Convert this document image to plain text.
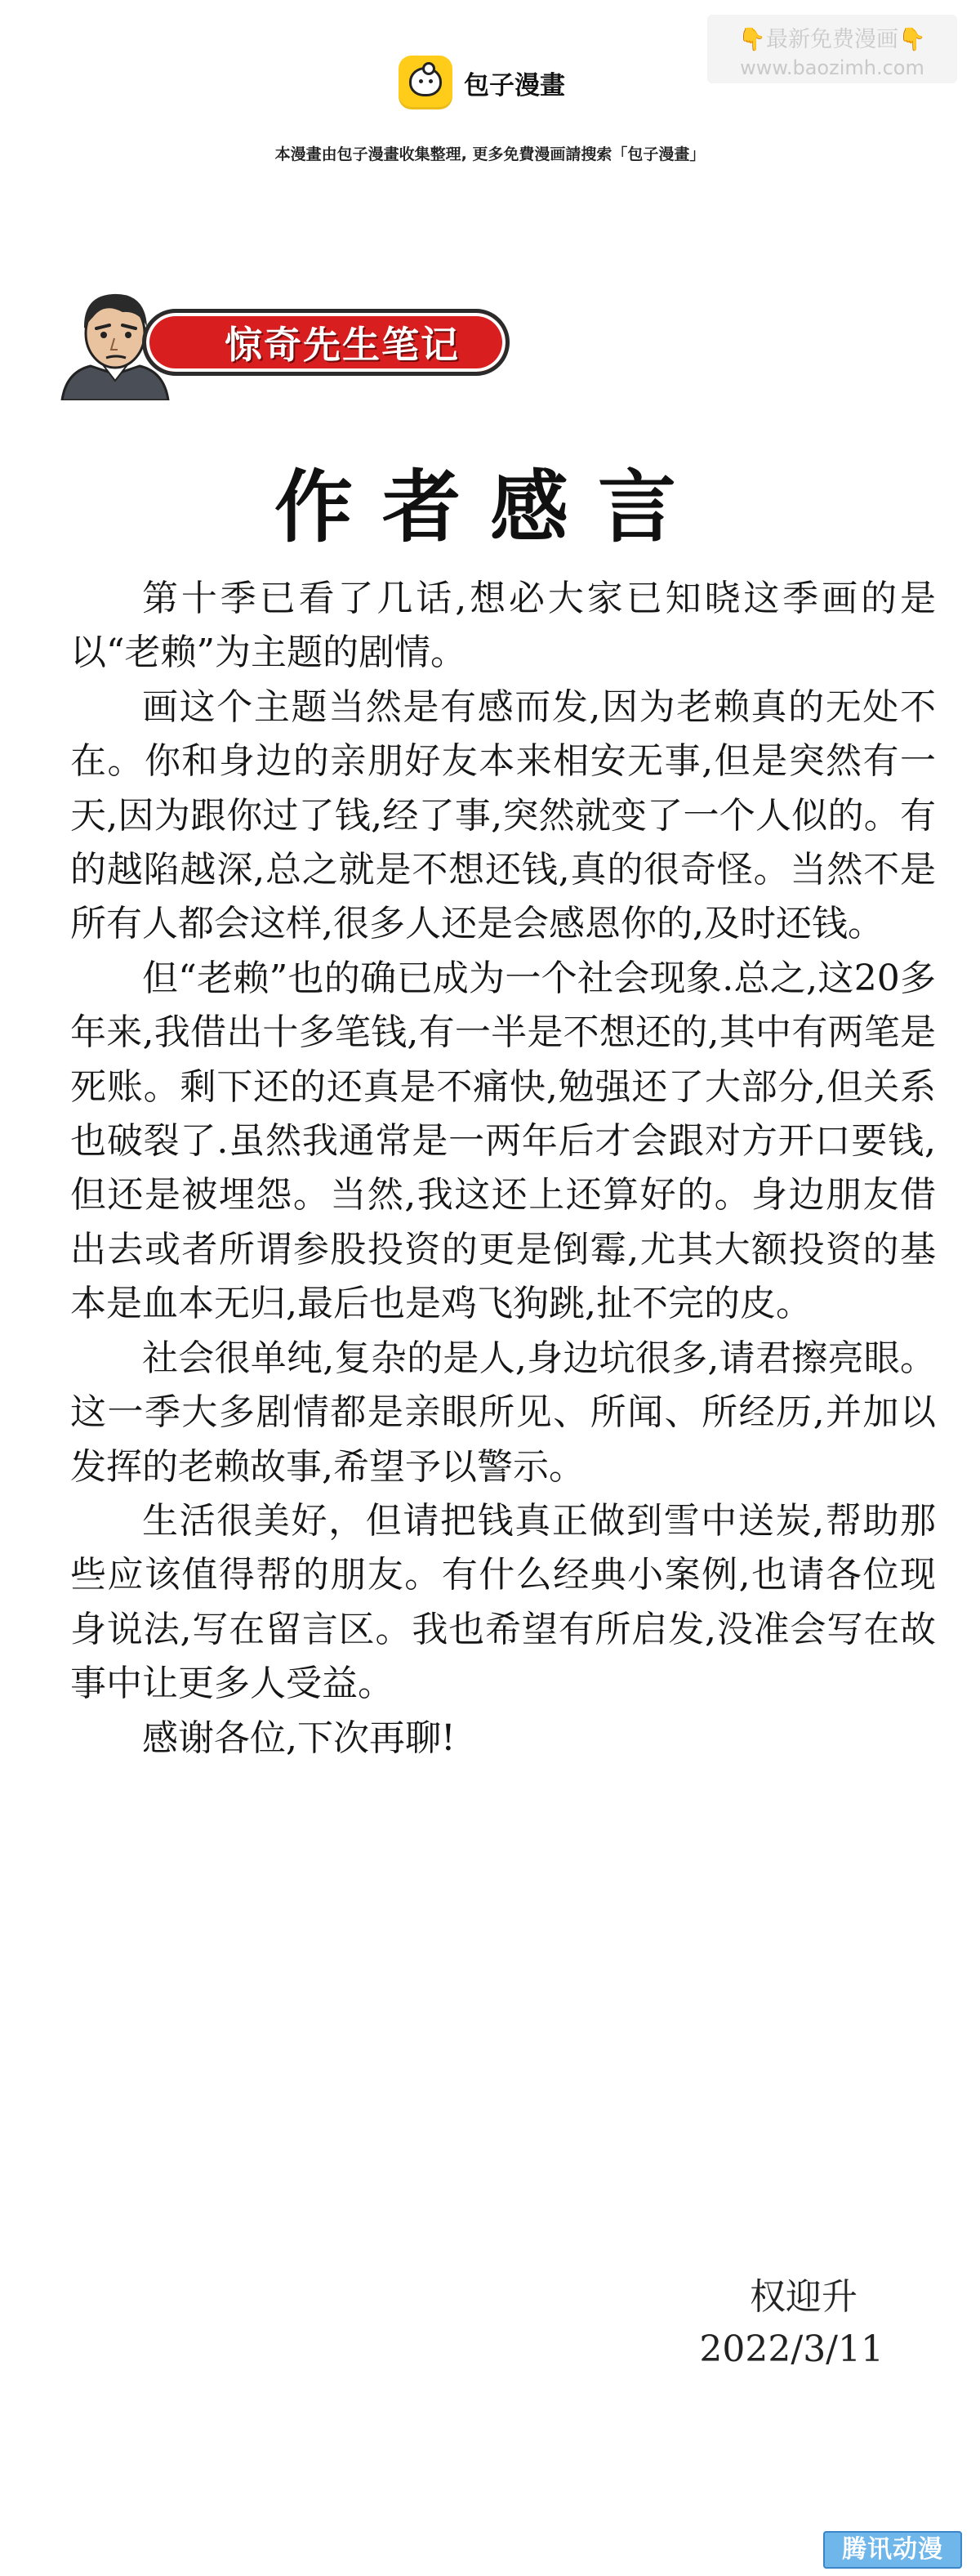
包子漫畫
👇最新免费漫画👇
www.baozimh.com
本漫畫由包子漫畫收集整理, 更多免費漫画請搜索「包子漫畫」
惊奇先生笔记
作者感言

第十季已看了几话,想必大家已知晓这季画的是以“老赖”为主题的剧情。

画这个主题当然是有感而发,因为老赖真的无处不在。你和身边的亲朋好友本来相安无事,但是突然有一天,因为跟你过了钱,经了事,突然就变了一个人似的。有的越陷越深,总之就是不想还钱,真的很奇怪。当然不是所有人都会这样,很多人还是会感恩你的,及时还钱。

但“老赖”也的确已成为一个社会现象.总之,这20多年来,我借出十多笔钱,有一半是不想还的,其中有两笔是死账。剩下还的还真是不痛快,勉强还了大部分,但关系也破裂了.虽然我通常是一两年后才会跟对方开口要钱,但还是被埋怨。当然,我这还上还算好的。身边朋友借出去或者所谓参股投资的更是倒霉,尤其大额投资的基本是血本无归,最后也是鸡飞狗跳,扯不完的皮。

社会很单纯,复杂的是人,身边坑很多,请君擦亮眼。这一季大多剧情都是亲眼所见、所闻、所经历,并加以发挥的老赖故事,希望予以警示。

生活很美好，但请把钱真正做到雪中送炭,帮助那些应该值得帮的朋友。有什么经典小案例,也请各位现身说法,写在留言区。我也希望有所启发,没准会写在故事中让更多人受益。

感谢各位,下次再聊!

权迎升
2022/3/11
腾讯动漫
